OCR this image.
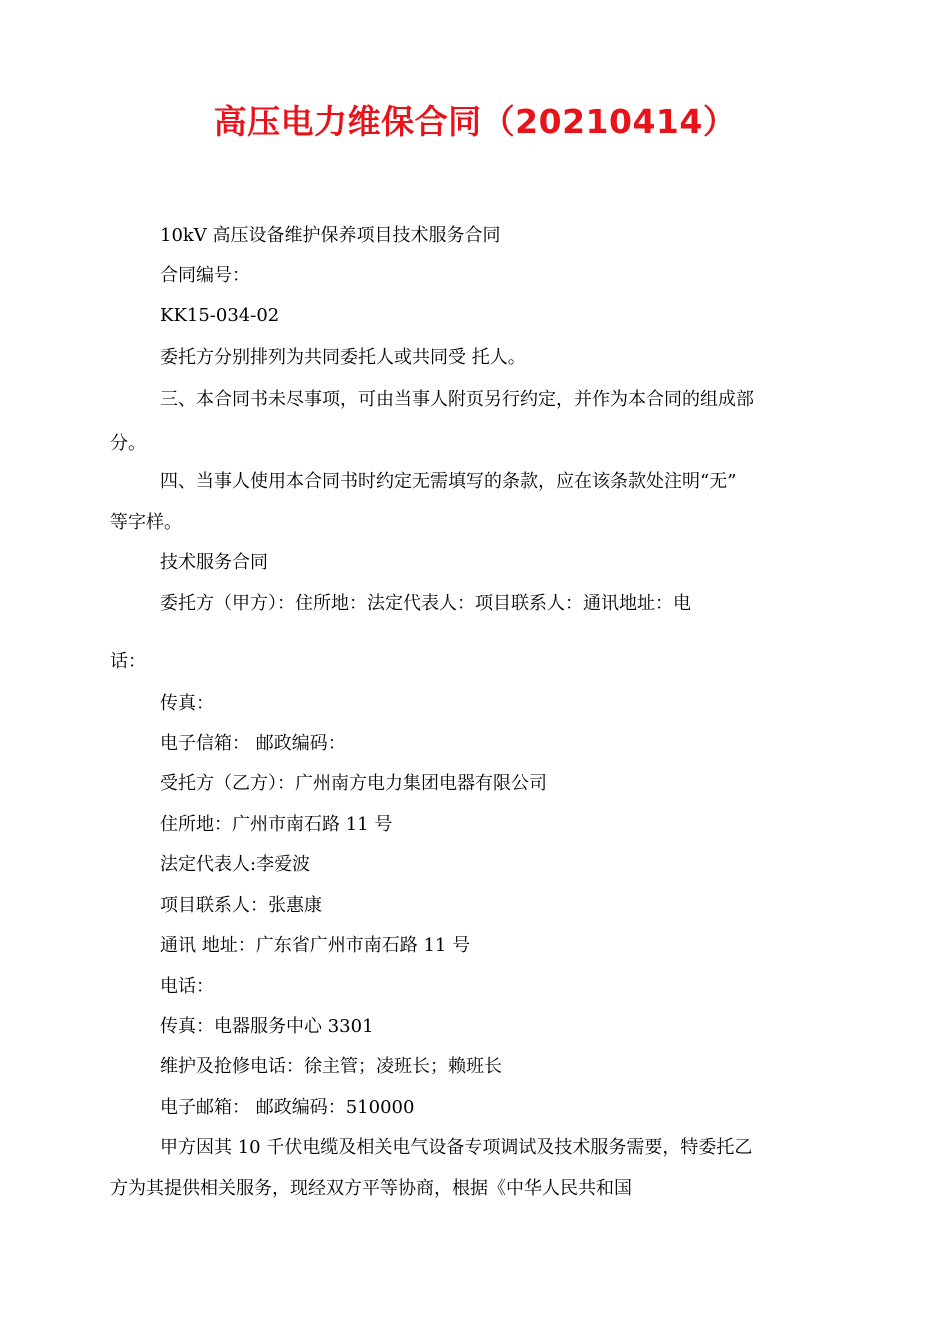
高压电力维保合同（20210414）
10kV 高压设备维护保养项目技术服务合同
合同编号：
KK15-034-02
委托方分别排列为共同委托人或共同受 托人。
三、本合同书未尽事项，可由当事人附页另行约定，并作为本合同的组成部
分。
四、当事人使用本合同书时约定无需填写的条款，应在该条款处注明“无”
等字样。
技术服务合同
委托方（甲方）：住所地：法定代表人：项目联系人：通讯地址：电
话：
传真：
电子信箱： 邮政编码：
受托方（乙方）：广州南方电力集团电器有限公司
住所地：广州市南石路 11 号
法定代表人:李爱波
项目联系人：张惠康
通讯 地址：广东省广州市南石路 11 号
电话：
传真：电器服务中心 3301
维护及抢修电话：徐主管；凌班长；赖班长
电子邮箱： 邮政编码：510000
甲方因其 10 千伏电缆及相关电气设备专项调试及技术服务需要，特委托乙
方为其提供相关服务，现经双方平等协商，根据《中华人民共和国
